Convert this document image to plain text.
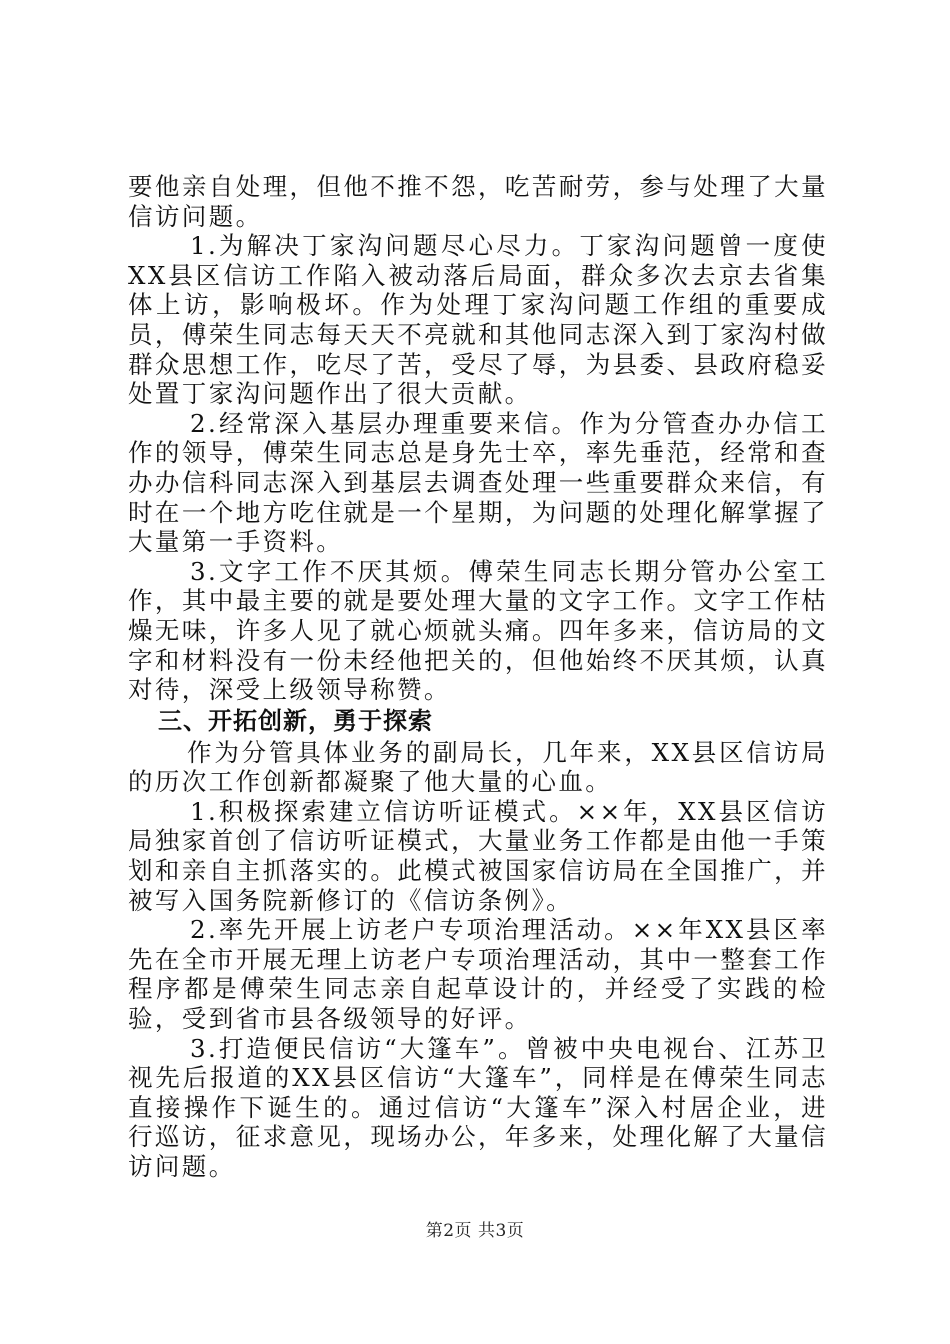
要他亲自处理，但他不推不怨，吃苦耐劳，参与处理了大量信访问题。

1.为解决丁家沟问题尽心尽力。丁家沟问题曾一度使XX县区信访工作陷入被动落后局面，群众多次去京去省集体上访，影响极坏。作为处理丁家沟问题工作组的重要成员，傅荣生同志每天天不亮就和其他同志深入到丁家沟村做群众思想工作，吃尽了苦，受尽了辱，为县委、县政府稳妥处置丁家沟问题作出了很大贡献。

2.经常深入基层办理重要来信。作为分管查办办信工作的领导，傅荣生同志总是身先士卒，率先垂范，经常和查办办信科同志深入到基层去调查处理一些重要群众来信，有时在一个地方吃住就是一个星期，为问题的处理化解掌握了大量第一手资料。

3.文字工作不厌其烦。傅荣生同志长期分管办公室工作，其中最主要的就是要处理大量的文字工作。文字工作枯燥无味，许多人见了就心烦就头痛。四年多来，信访局的文字和材料没有一份未经他把关的，但他始终不厌其烦，认真对待，深受上级领导称赞。

三、开拓创新，勇于探索

作为分管具体业务的副局长，几年来，XX县区信访局的历次工作创新都凝聚了他大量的心血。

1.积极探索建立信访听证模式。××年，XX县区信访局独家首创了信访听证模式，大量业务工作都是由他一手策划和亲自主抓落实的。此模式被国家信访局在全国推广，并被写入国务院新修订的《信访条例》。

2.率先开展上访老户专项治理活动。××年XX县区率先在全市开展无理上访老户专项治理活动，其中一整套工作程序都是傅荣生同志亲自起草设计的，并经受了实践的检验，受到省市县各级领导的好评。

3.打造便民信访“大篷车”。曾被中央电视台、江苏卫视先后报道的XX县区信访“大篷车”，同样是在傅荣生同志直接操作下诞生的。通过信访“大篷车”深入村居企业，进行巡访，征求意见，现场办公，年多来，处理化解了大量信访问题。

第2页 共3页
